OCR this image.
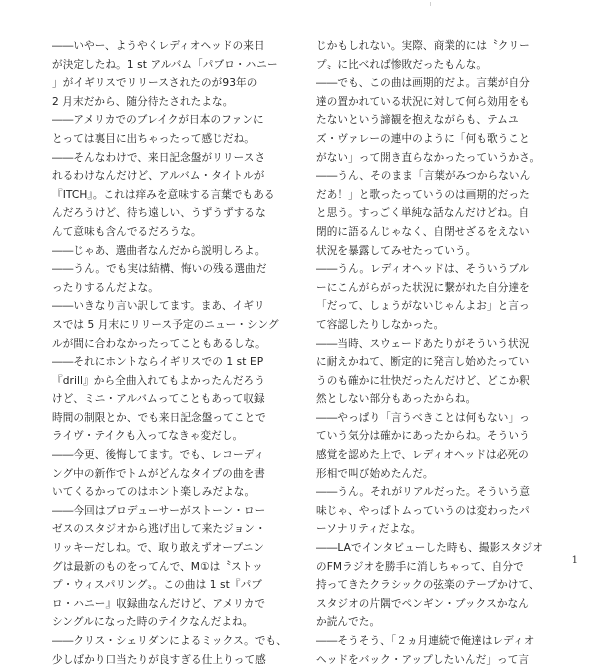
――いやー、ようやくレディオヘッドの来日
が決定したね。1 st アルバム「パブロ・ハニー
」がイギリスでリリースされたのが93年の
2 月末だから、随分待たされたよな。
――アメリカでのブレイクが日本のファンに
とっては裏目に出ちゃったって感じだね。
――そんなわけで、来日記念盤がリリースさ
れるわけなんだけど、アルバム・タイトルが
『ITCH』。これは痒みを意味する言葉でもある
んだろうけど、待ち遠しい、うずうずするな
んて意味も含んでるだろうな。
――じゃあ、選曲者なんだから説明しろよ。
――うん。でも実は結構、悔いの残る選曲だ
ったりするんだよな。
――いきなり言い訳してます。まあ、イギリ
スでは 5 月末にリリース予定のニュー・シング
ルが間に合わなかったってこともあるしな。
――それにホントならイギリスでの 1 st EP
『drill』から全曲入れてもよかったんだろう
けど、ミニ・アルバムってこともあって収録
時間の制限とか、でも来日記念盤ってことで
ライヴ・テイクも入ってなきゃ変だし。
――今更、後悔してます。でも、レコーディ
ング中の新作でトムがどんなタイプの曲を書
いてくるかってのはホント楽しみだよな。
――今回はプロデューサーがストーン・ロー
ゼスのスタジオから逃げ出して来たジョン・
リッキーだしね。で、取り敢えずオープニン
グは最新のものをってんで、M①は〝ストッ
プ・ウィスパリング〟。この曲は 1 st『パブ
ロ・ハニー』収録曲なんだけど、アメリカで
シングルになった時のテイクなんだよね。
――クリス・シェリダンによるミックス。でも、
少しばかり口当たりが良すぎる仕上りって感
じかもしれない。実際、商業的には〝クリー
プ〟に比べれば惨敗だったもんな。
――でも、この曲は画期的だよ。言葉が自分
達の置かれている状況に対して何ら効用をも
たないという諦観を抱えながらも、テムユ
ズ・ヴァレーの連中のように「何も歌うこと
がない」って開き直らなかったっていうかさ。
――うん、そのまま「言葉がみつからないん
だあ！」と歌ったっていうのは画期的だった
と思う。すっごく単純な話なんだけどね。自
閉的に語るんじゃなく、自閉せざるをえない
状況を暴露してみせたっていう。
――うん。レディオヘッドは、そういうブル
ーにこんがらがった状況に繋がれた自分達を
「だって、しょうがないじゃんよお」と言っ
て容認したりしなかった。
――当時、スウェードあたりがそういう状況
に耐えかねて、断定的に発言し始めたってい
うのも確かに壮快だったんだけど、どこか釈
然としない部分もあったからね。
――やっぱり「言うべきことは何もない」っ
ていう気分は確かにあったからね。そういう
感覚を認めた上で、レディオヘッドは必死の
形相で叫び始めたんだ。
――うん。それがリアルだった。そういう意
味じゃ、やっぱトムっていうのは変わったパ
ーソナリティだよな。
――LAでインタビューした時も、撮影スタジオ
のFMラジオを勝手に消しちゃって、自分で
持ってきたクラシックの弦楽のテープかけて、
スタジオの片隅でペンギン・ブックスかなん
か読んでた。
――そうそう、「２ヵ月連続で俺達はレディオ
ヘッドをバック・アップしたいんだ」って言
1
